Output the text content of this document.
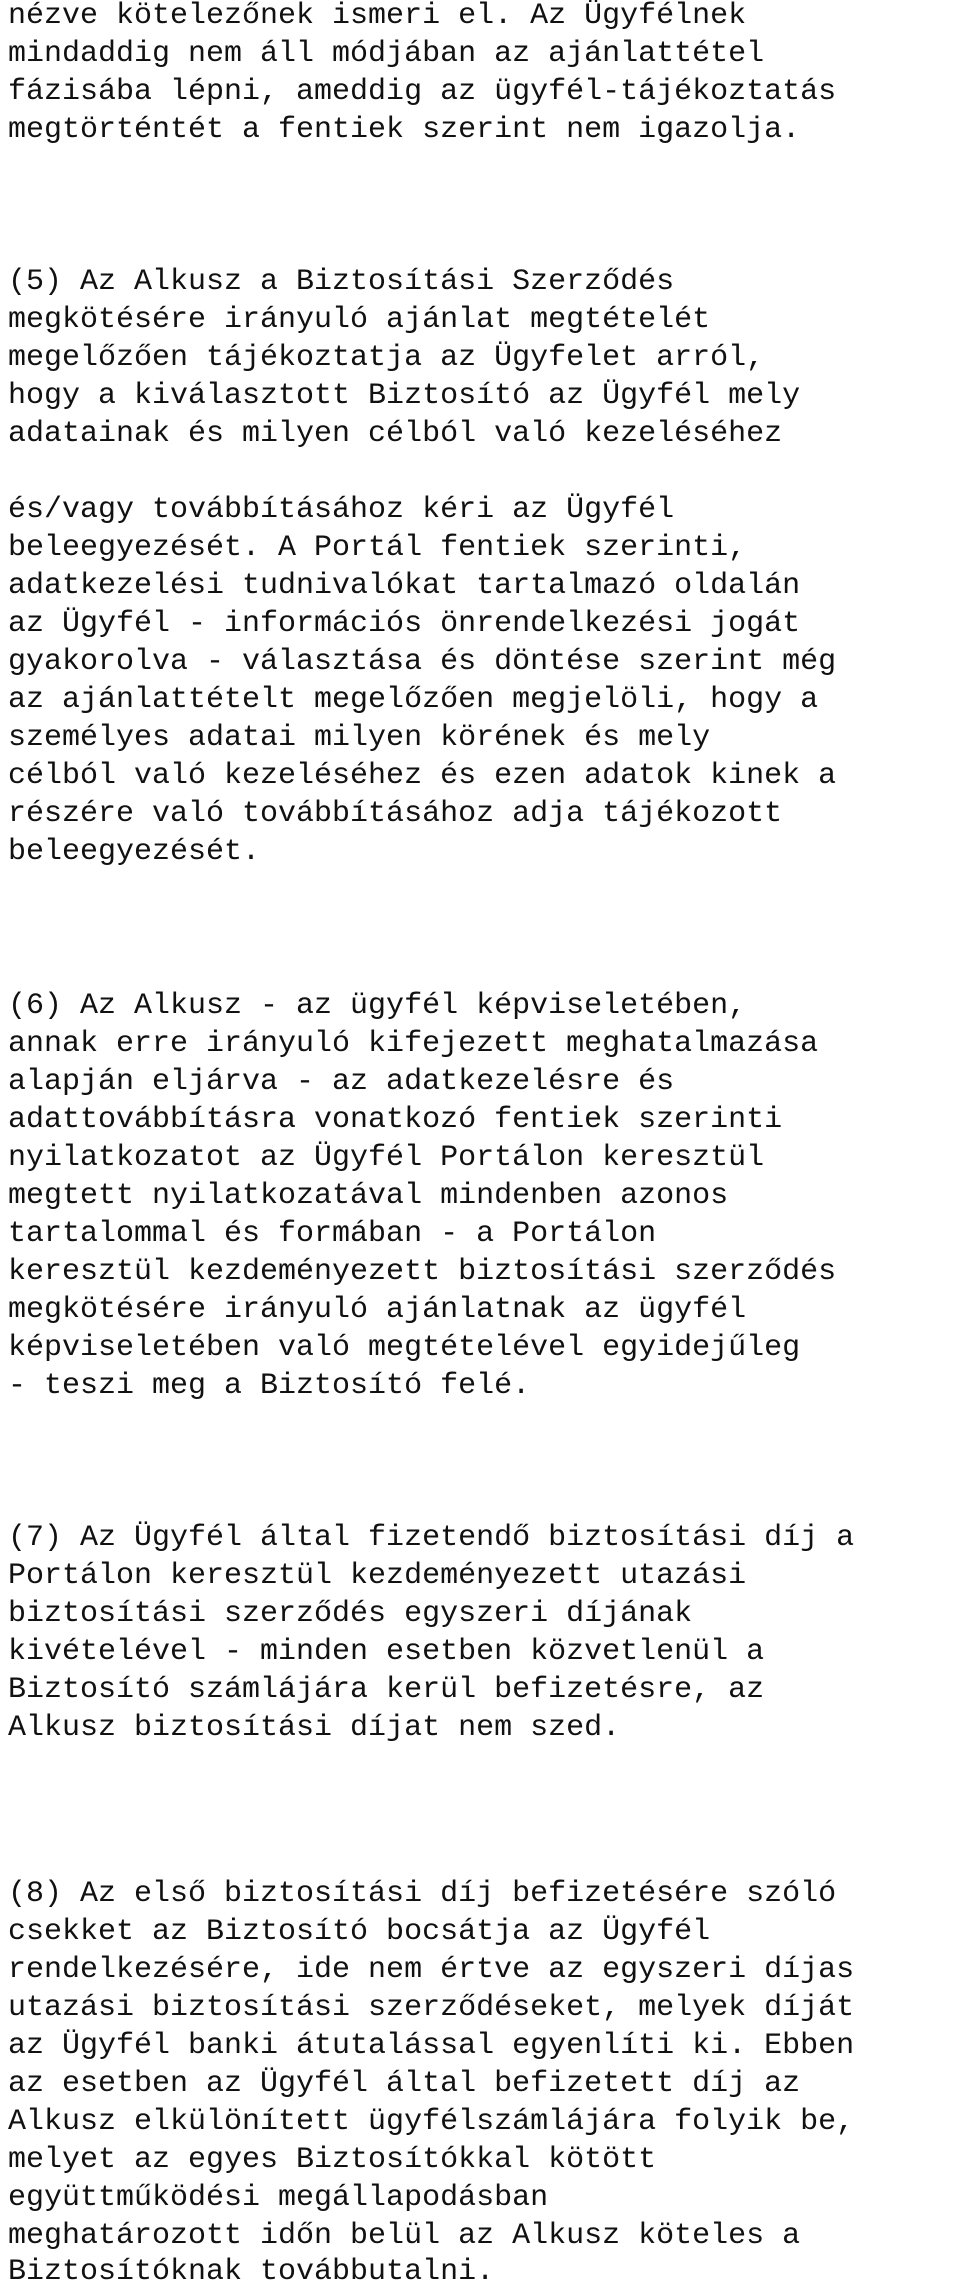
nézve kötelezőnek ismeri el. Az Ügyfélnek

mindaddig nem áll módjában az ajánlattétel

fázisába lépni, ameddig az ügyfél-tájékoztatás

megtörténtét a fentiek szerint nem igazolja.

(5) Az Alkusz a Biztosítási Szerződés

megkötésére irányuló ajánlat megtételét

megelőzően tájékoztatja az Ügyfelet arról,

hogy a kiválasztott Biztosító az Ügyfél mely

adatainak és milyen célból való kezeléséhez

és/vagy továbbításához kéri az Ügyfél

beleegyezését. A Portál fentiek szerinti,

adatkezelési tudnivalókat tartalmazó oldalán

az Ügyfél - információs önrendelkezési jogát

gyakorolva - választása és döntése szerint még

az ajánlattételt megelőzően megjelöli, hogy a

személyes adatai milyen körének és mely

célból való kezeléséhez és ezen adatok kinek a

részére való továbbításához adja tájékozott

beleegyezését.

(6) Az Alkusz - az ügyfél képviseletében,

annak erre irányuló kifejezett meghatalmazása

alapján eljárva - az adatkezelésre és

adattovábbításra vonatkozó fentiek szerinti

nyilatkozatot az Ügyfél Portálon keresztül

megtett nyilatkozatával mindenben azonos

tartalommal és formában - a Portálon

keresztül kezdeményezett biztosítási szerződés

megkötésére irányuló ajánlatnak az ügyfél

képviseletében való megtételével egyidejűleg

- teszi meg a Biztosító felé.

(7) Az Ügyfél által fizetendő biztosítási díj a

Portálon keresztül kezdeményezett utazási

biztosítási szerződés egyszeri díjának

kivételével - minden esetben közvetlenül a

Biztosító számlájára kerül befizetésre, az

Alkusz biztosítási díjat nem szed.

(8) Az első biztosítási díj befizetésére szóló

csekket az Biztosító bocsátja az Ügyfél

rendelkezésére, ide nem értve az egyszeri díjas

utazási biztosítási szerződéseket, melyek díját

az Ügyfél banki átutalással egyenlíti ki. Ebben

az esetben az Ügyfél által befizetett díj az

Alkusz elkülönített ügyfélszámlájára folyik be,

melyet az egyes Biztosítókkal kötött

együttműködési megállapodásban

meghatározott időn belül az Alkusz köteles a

Biztosítóknak továbbutalni.
